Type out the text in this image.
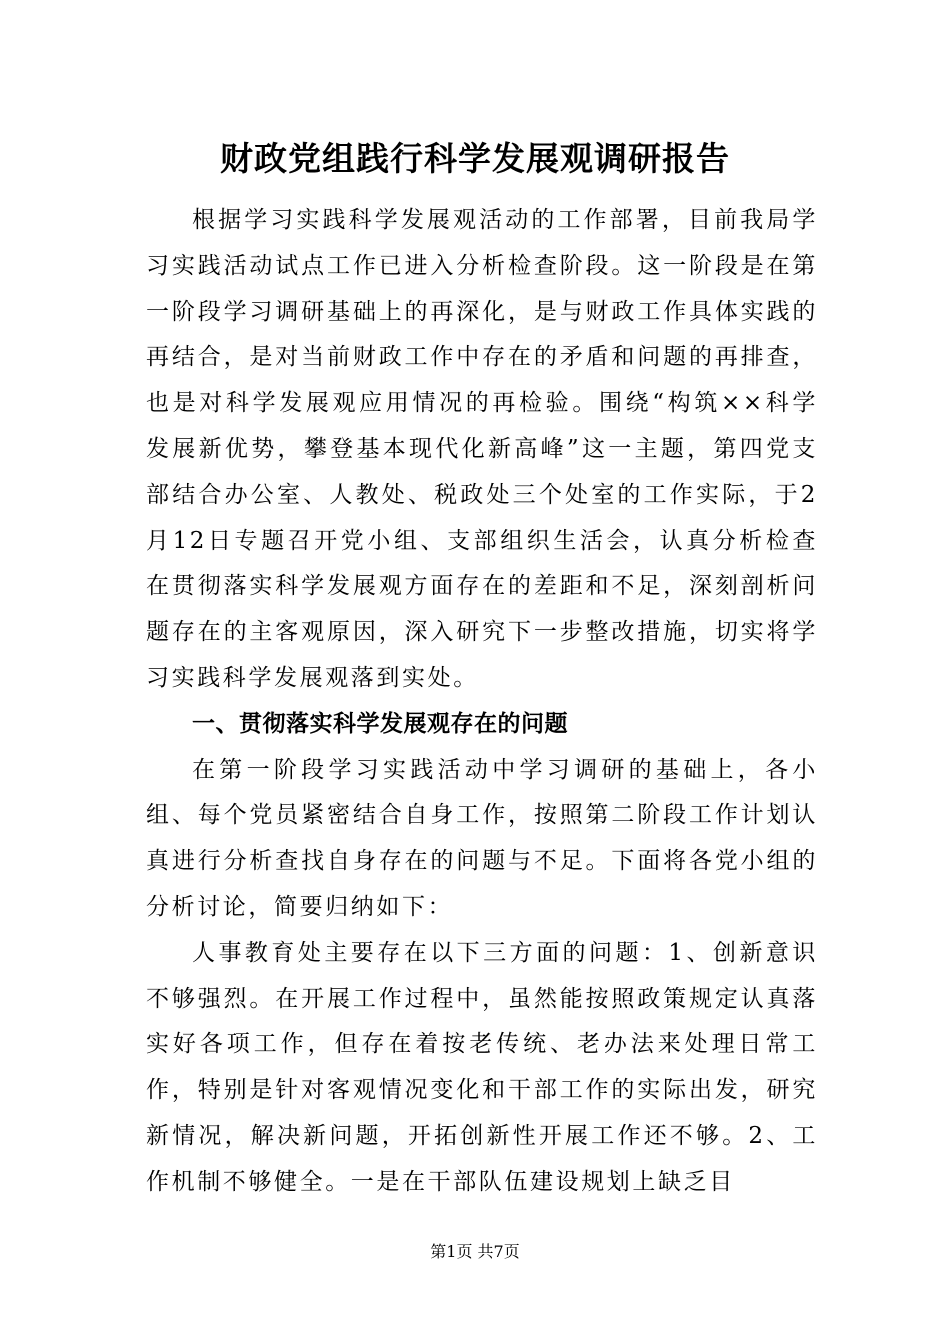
财政党组践行科学发展观调研报告

根据学习实践科学发展观活动的工作部署，目前我局学习实践活动试点工作已进入分析检查阶段。这一阶段是在第一阶段学习调研基础上的再深化，是与财政工作具体实践的再结合，是对当前财政工作中存在的矛盾和问题的再排查，也是对科学发展观应用情况的再检验。围绕“构筑××科学发展新优势，攀登基本现代化新高峰”这一主题，第四党支部结合办公室、人教处、税政处三个处室的工作实际，于2月12日专题召开党小组、支部组织生活会，认真分析检查在贯彻落实科学发展观方面存在的差距和不足，深刻剖析问题存在的主客观原因，深入研究下一步整改措施，切实将学习实践科学发展观落到实处。

一、贯彻落实科学发展观存在的问题

在第一阶段学习实践活动中学习调研的基础上，各小组、每个党员紧密结合自身工作，按照第二阶段工作计划认真进行分析查找自身存在的问题与不足。下面将各党小组的分析讨论，简要归纳如下：

人事教育处主要存在以下三方面的问题：1、创新意识不够强烈。在开展工作过程中，虽然能按照政策规定认真落实好各项工作，但存在着按老传统、老办法来处理日常工作，特别是针对客观情况变化和干部工作的实际出发，研究新情况，解决新问题，开拓创新性开展工作还不够。2、工作机制不够健全。一是在干部队伍建设规划上缺乏目

第1页 共7页
